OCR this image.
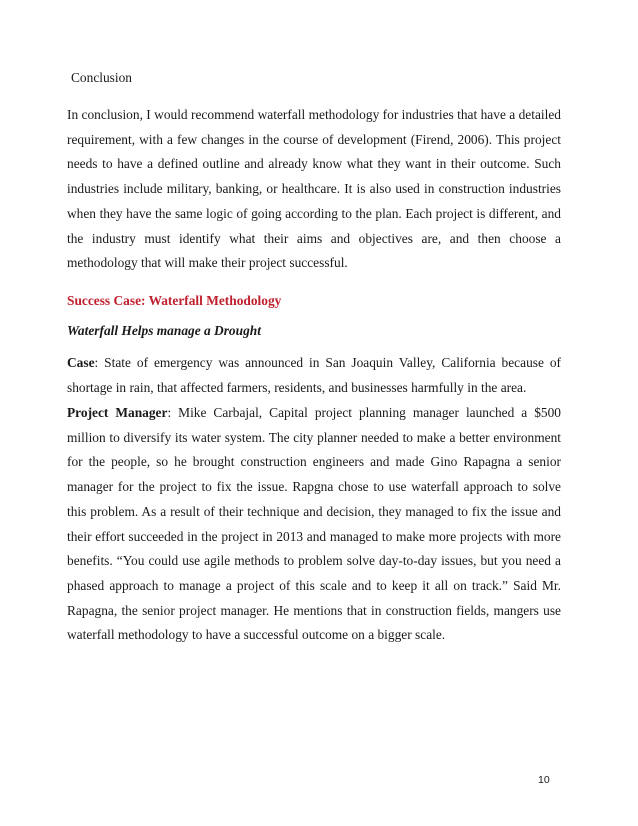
Conclusion

In conclusion, I would recommend waterfall methodology for industries that have a detailed requirement, with a few changes in the course of development (Firend, 2006). This project needs to have a defined outline and already know what they want in their outcome. Such industries include military, banking, or healthcare. It is also used in construction industries when they have the same logic of going according to the plan. Each project is different, and the industry must identify what their aims and objectives are, and then choose a methodology that will make their project successful.

Success Case: Waterfall Methodology
Waterfall Helps manage a Drought

Case: State of emergency was announced in San Joaquin Valley, California because of shortage in rain, that affected farmers, residents, and businesses harmfully in the area.

Project Manager: Mike Carbajal, Capital project planning manager launched a $500 million to diversify its water system. The city planner needed to make a better environment for the people, so he brought construction engineers and made Gino Rapagna a senior manager for the project to fix the issue. Rapgna chose to use waterfall approach to solve this problem. As a result of their technique and decision, they managed to fix the issue and their effort succeeded in the project in 2013 and managed to make more projects with more benefits. “You could use agile methods to problem solve day-to-day issues, but you need a phased approach to manage a project of this scale and to keep it all on track.” Said Mr. Rapagna, the senior project manager. He mentions that in construction fields, mangers use waterfall methodology to have a successful outcome on a bigger scale.

10
